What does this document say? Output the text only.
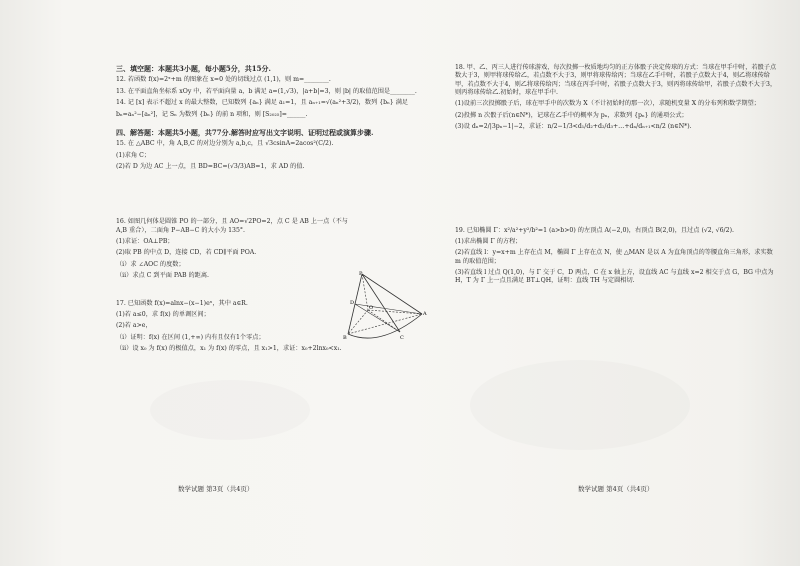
三、填空题：本题共3小题，每小题5分，共15分.
12. 若函数 f(x)=2ˣ+m 的图象在 x=0 处的切线过点 (1,1)，则 m=________.
13. 在平面直角坐标系 xOy 中，若平面向量 a，b 满足 a=(1,√3)，|a+b|=3，则 |b| 的取值范围是________.
14. 记 [x] 表示不超过 x 的最大整数，已知数列 {aₙ} 满足 a₁=1，且 aₙ₊₁=√(aₙ²+3/2)，数列 {bₙ} 满足
bₙ=aₙ²−[aₙ²]，记 Sₙ 为数列 {bₙ} 的前 n 项和，则 [S₂₀₂₅]=______.
四、解答题：本题共5小题，共77分.解答时应写出文字说明、证明过程或演算步骤.
15. 在 △ABC 中，角 A,B,C 的对边分别为 a,b,c，且 √3csinA=2acos²(C/2).
(1)求角 C；
(2)若 D 为边 AC 上一点，且 BD=BC=(√3/3)AB=1，求 AD 的值.
16. 如图几何体是圆锥 PO 的一部分，且 AO=√2PO=2，点 C 是 AB 上一点（不与 A,B 重合），二面角 P−AB−C 的大小为 135°.
(1)求证：OA⊥PB；
(2)取 PB 的中点 D，连接 CD，若 CD∥平面 POA.
（i）求 ∠AOC 的度数；
（ii）求点 C 到平面 PAB 的距离.
17. 已知函数 f(x)=alnx−(x−1)eˣ，其中 a∈R.
(1)若 a≤0，求 f(x) 的单调区间；
(2)若 a>e，
（i）证明：f(x) 在区间 (1,+∞) 内有且仅有1个零点；
（ii）设 x₀ 为 f(x) 的极值点，x₁ 为 f(x) 的零点，且 x₁>1，求证：x₀+2lnx₀<x₁.
P
O
D
A
B	C
18. 甲、乙、丙三人进行传球游戏，每次投掷一枚质地均匀的正方体骰子决定传球的方式：当球在甲手中时，若骰子点数大于3，则甲将球传给乙，若点数不大于3，则甲将球传给丙；当球在乙手中时，若骰子点数大于4，则乙将球传给甲，若点数不大于4，则乙将球传给丙；当球在丙手中时，若骰子点数大于3，则丙将球传给甲，若骰子点数不大于3，则丙将球传给乙.初始时，球在甲手中.
(1)设前三次投掷骰子后，球在甲手中的次数为 X（不计初始时的那一次），求随机变量 X 的分布列和数学期望；
(2)投掷 n 次骰子后(n∈N*)，记球在乙手中的概率为 pₙ，求数列 {pₙ} 的通项公式；
(3)设 dₙ=2/|3pₙ−1|−2，求证：n/2−1/3<d₁/d₂+d₂/d₃+…+dₙ/dₙ₊₁<n/2 (n∈N*).
19. 已知椭圆 Γ：x²/a²+y²/b²=1 (a>b>0) 的左顶点 A(−2,0)，右顶点 B(2,0)，且过点 (√2, √6/2).
(1)求出椭圆 Γ 的方程；
(2)若直线 l：y=x+m 上存在点 M，椭圆 Γ 上存在点 N，使 △MAN 是以 A 为直角顶点的等腰直角三角形，求实数 m 的取值范围；
(3)若直线 l 过点 Q(1,0)，与 Γ 交于 C，D 两点，C 在 x 轴上方，设直线 AC 与直线 x=2 相交于点 G，BG 中点为 H，T 为 Γ 上一点且满足 BT⊥QH，证明：直线 TH 与定圆相切.
数学试题 第3页（共4页）	数学试题 第4页（共4页）
